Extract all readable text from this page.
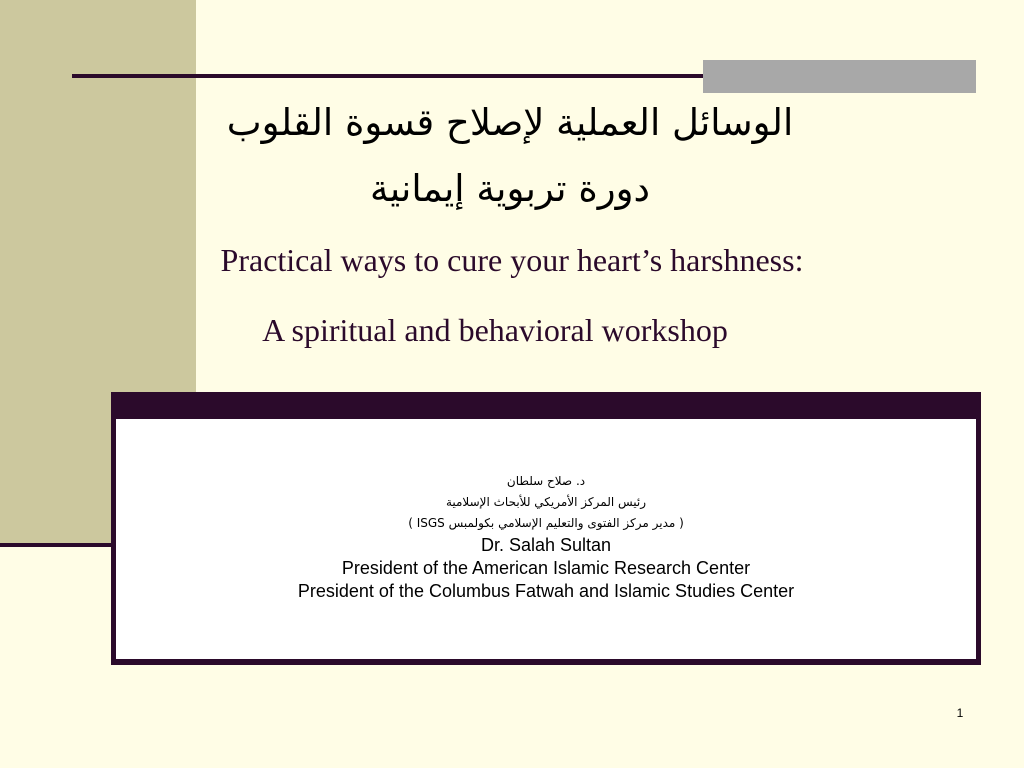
الوسائل العملية لإصلاح قسوة القلوب
دورة تربوية إيمانية
Practical ways to cure your heart’s harshness:
A spiritual and behavioral workshop
د. صلاح سلطان
رئيس المركز الأمريكي للأبحاث الإسلامية
( مدير مركز الفتوى والتعليم الإسلامي بكولمبس ISGS )
Dr. Salah Sultan
President of the American Islamic Research Center
President of the Columbus Fatwah and Islamic Studies Center
1
